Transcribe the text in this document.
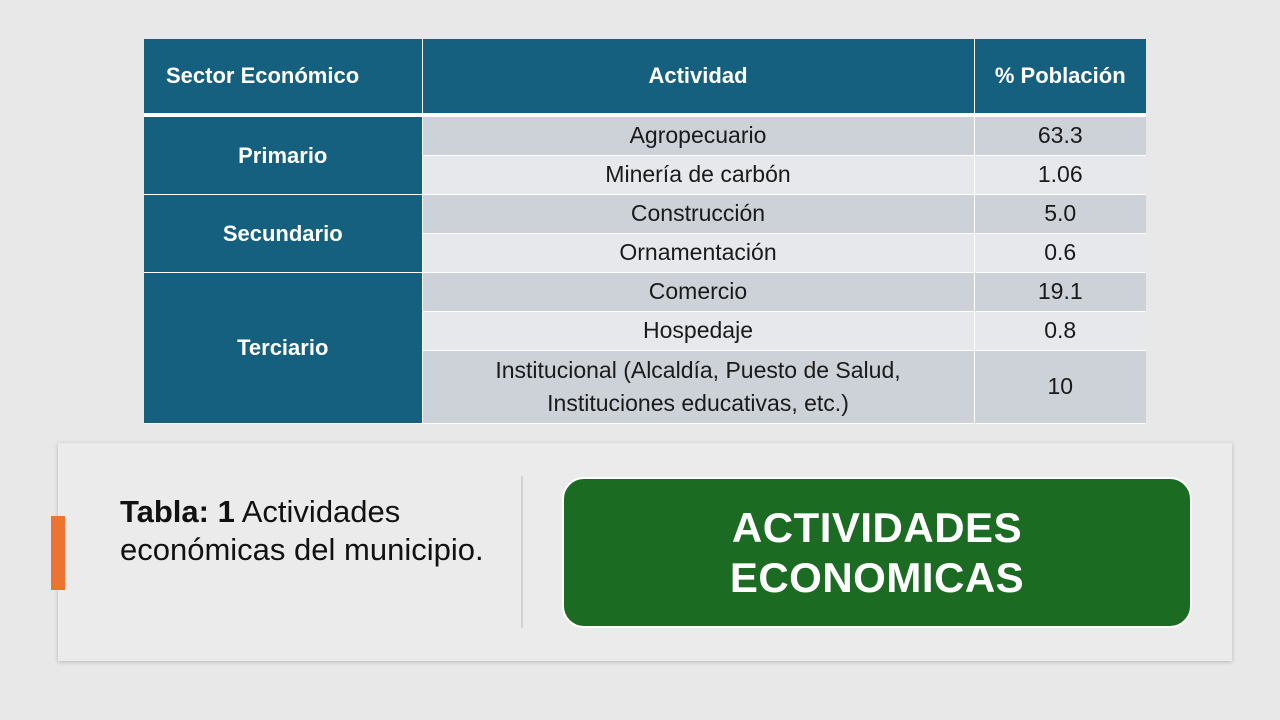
Sector Económico	Actividad	% Población
Primario	Agropecuario	63.3
	Minería de carbón	1.06
Secundario	Construcción	5.0
	Ornamentación	0.6
Terciario	Comercio	19.1
	Hospedaje	0.8
	Institucional (Alcaldía, Puesto de Salud, Instituciones educativas, etc.)	10
Tabla: 1 Actividades económicas del municipio.	ACTIVIDADES ECONOMICAS
